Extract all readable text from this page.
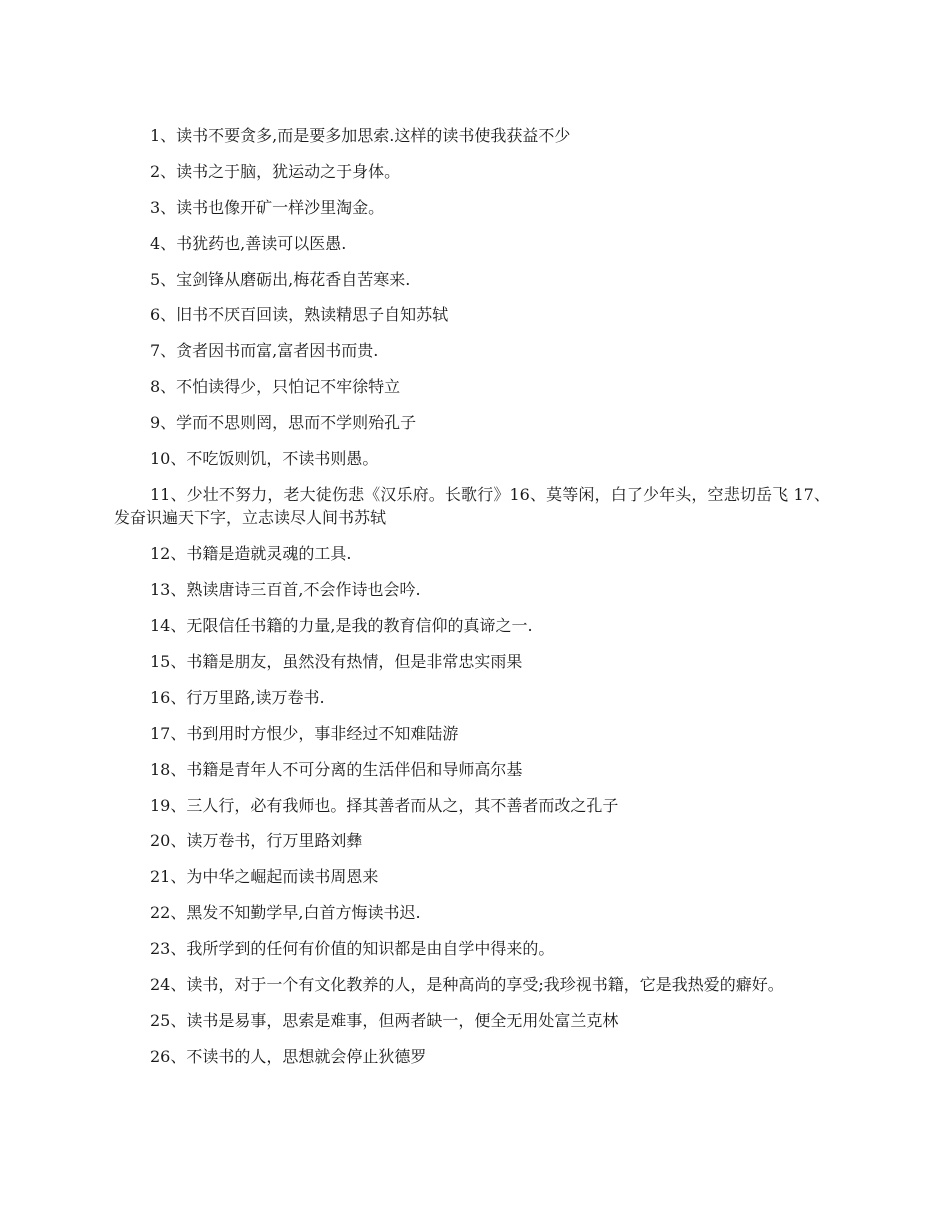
1、读书不要贪多,而是要多加思索.这样的读书使我获益不少

2、读书之于脑，犹运动之于身体。

3、读书也像开矿一样沙里淘金。

4、书犹药也,善读可以医愚.

5、宝剑锋从磨砺出,梅花香自苦寒来.

6、旧书不厌百回读，熟读精思子自知苏轼

7、贪者因书而富,富者因书而贵.

8、不怕读得少，只怕记不牢徐特立

9、学而不思则罔，思而不学则殆孔子

10、不吃饭则饥，不读书则愚。

11、少壮不努力，老大徒伤悲《汉乐府。长歌行》16、莫等闲，白了少年头，空悲切岳飞 17、发奋识遍天下字，立志读尽人间书苏轼

12、书籍是造就灵魂的工具.

13、熟读唐诗三百首,不会作诗也会吟.

14、无限信任书籍的力量,是我的教育信仰的真谛之一.

15、书籍是朋友，虽然没有热情，但是非常忠实雨果

16、行万里路,读万卷书.

17、书到用时方恨少，事非经过不知难陆游

18、书籍是青年人不可分离的生活伴侣和导师高尔基

19、三人行，必有我师也。择其善者而从之，其不善者而改之孔子

20、读万卷书，行万里路刘彝

21、为中华之崛起而读书周恩来

22、黑发不知勤学早,白首方悔读书迟.

23、我所学到的任何有价值的知识都是由自学中得来的。

24、读书，对于一个有文化教养的人，是种高尚的享受;我珍视书籍，它是我热爱的癖好。

25、读书是易事，思索是难事，但两者缺一，便全无用处富兰克林

26、不读书的人，思想就会停止狄德罗
